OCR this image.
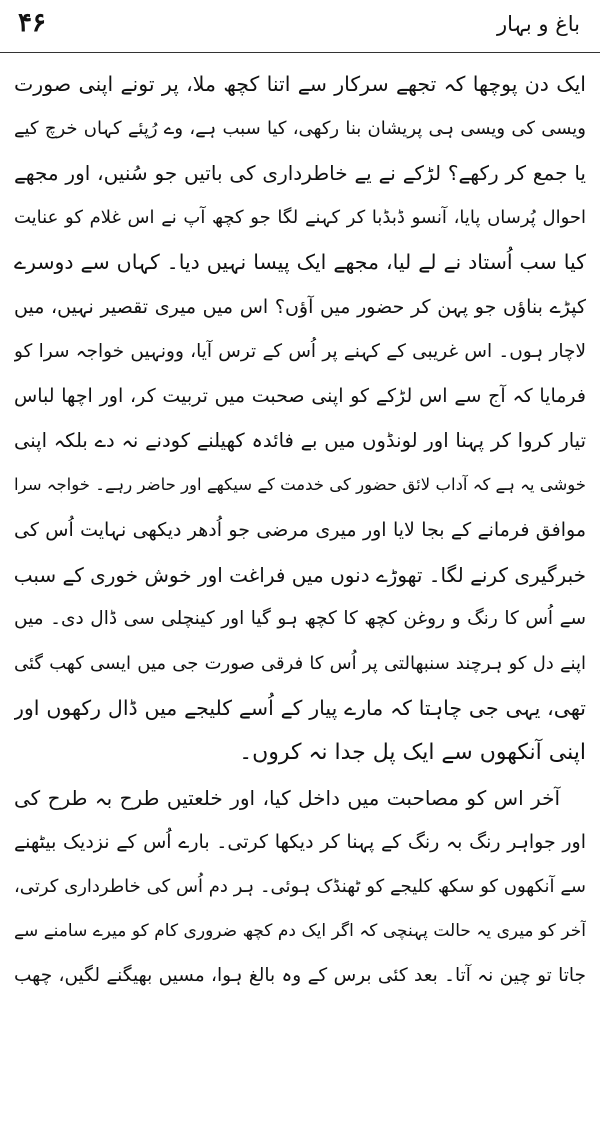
۴۶	باغ و بہار
ایک دن پوچھا کہ تجھے سرکار سے اتنا کچھ ملا، پر تونے اپنی صورت
ویسی کی ویسی ہی پریشان بنا رکھی، کیا سبب ہے، وے رُپئے کہاں خرچ کیے
یا جمع کر رکھے؟ لڑکے نے یے خاطرداری کی باتیں جو سُنیں، اور مجھے
احوال پُرساں پایا، آنسو ڈبڈبا کر کہنے لگا جو کچھ آپ نے اس غلام کو عنایت
کیا سب اُستاد نے لے لیا، مجھے ایک پیسا نہیں دیا۔ کہاں سے دوسرے
کپڑے بناؤں جو پہن کر حضور میں آؤں؟ اس میں میری تقصیر نہیں، میں
لاچار ہوں۔ اس غریبی کے کہنے پر اُس کے ترس آیا، وونہیں خواجہ سرا کو
فرمایا کہ آج سے اس لڑکے کو اپنی صحبت میں تربیت کر، اور اچھا لباس
تیار کروا کر پہنا اور لونڈوں میں بے فائدہ کھیلنے کودنے نہ دے بلکہ اپنی
خوشی یہ ہے کہ آداب لائق حضور کی خدمت کے سیکھے اور حاضر رہے۔ خواجہ سرا
موافق فرمانے کے بجا لایا اور میری مرضی جو اُدھر دیکھی نہایت اُس کی
خبرگیری کرنے لگا۔ تھوڑے دنوں میں فراغت اور خوش خوری کے سبب
سے اُس کا رنگ و روغن کچھ کا کچھ ہو گیا اور کینچلی سی ڈال دی۔ میں
اپنے دل کو ہرچند سنبھالتی پر اُس کا فرقی صورت جی میں ایسی کھب گئی
تھی، یہی جی چاہتا کہ مارے پیار کے اُسے کلیجے میں ڈال رکھوں اور
اپنی آنکھوں سے ایک پل جدا نہ کروں۔
آخر اس کو مصاحبت میں داخل کیا، اور خلعتیں طرح بہ طرح کی
اور جواہر رنگ بہ رنگ کے پہنا کر دیکھا کرتی۔ بارے اُس کے نزدیک بیٹھنے
سے آنکھوں کو سکھ کلیجے کو ٹھنڈک ہوئی۔ ہر دم اُس کی خاطرداری کرتی،
آخر کو میری یہ حالت پہنچی کہ اگر ایک دم کچھ ضروری کام کو میرے سامنے سے
جاتا تو چین نہ آتا۔ بعد کئی برس کے وہ بالغ ہوا، مسیں بھیگنے لگیں، چھب
